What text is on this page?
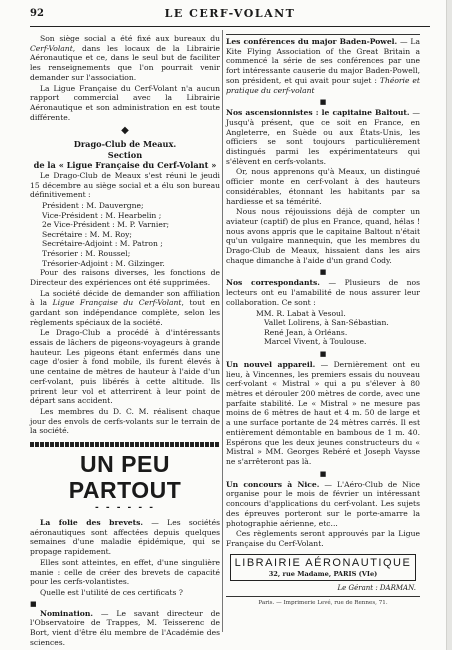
92	LE CERF-VOLANT

Son siège social a été fixé aux bureaux du Cerf-Volant, dans les locaux de la Librairie Aéronautique et ce, dans le seul but de faciliter les renseignements que l'on pourrait venir demander sur l'association.

La Ligue Française du Cerf-Volant n'a aucun rapport commercial avec la Librairie Aéronautique et son administration en est toute différente.

◆
Drago-Club de Meaux.
Section
de la « Ligue Française du Cerf-Volant »

Le Drago-Club de Meaux s'est réuni le jeudi 15 décembre au siège social et a élu son bureau définitivement :

Président : M. Dauvergne;
Vice-Président : M. Hearbelin ;
2e Vice-Président : M. P. Varnier;
Secrétaire : M. M. Roy;
Secrétaire-Adjoint : M. Patron ;
Trésorier : M. Roussel;
Trésorier-Adjoint : M. Gilzinger.

Pour des raisons diverses, les fonctions de Directeur des expériences ont été supprimées.

La société décide de demander son affiliation à la Ligue Française du Cerf-Volant, tout en gardant son indépendance complète, selon les règlements spéciaux de la société.

Le Drago-Club a procédé à d'intéressants essais de lâchers de pigeons-voyageurs à grande hauteur. Les pigeons étant enfermés dans une cage d'osier à fond mobile, ils furent élevés à une centaine de mètres de hauteur à l'aide d'un cerf-volant, puis libérés à cette altitude. Ils prirent leur vol et atterrirent à leur point de départ sans accident.

Les membres du D. C. M. réalisent chaque jour des envols de cerfs-volants sur le terrain de la société.

UN PEU PARTOUT
- - - - - -

La folie des brevets. — Les sociétés aéronautiques sont affectées depuis quelques semaines d'une maladie épidémique, qui se propage rapidement.

Elles sont atteintes, en effet, d'une singulière manie : celle de créer des brevets de capacité pour les cerfs-volantistes.

Quelle est l'utilité de ces certificats ?

■

Nomination. — Le savant directeur de l'Observatoire de Trappes, M. Teisserenc de Bort, vient d'être élu membre de l'Académie des sciences.

Les conférences du major Baden-Powel. — La Kite Flying Association of the Great Britain a commencé la série de ses conférences par une fort intéressante causerie du major Baden-Powell, son président, et qui avait pour sujet : Théorie et pratique du cerf-volant

■

Nos ascensionnistes : le capitaine Baltout. — Jusqu'à présent, que ce soit en France, en Angleterre, en Suède ou aux États-Unis, les officiers se sont toujours particulièrement distingués parmi les expérimentateurs qui s'élèvent en cerfs-volants.

Or, nous apprenons qu'à Meaux, un distingué officier monte en cerf-volant à des hauteurs considérables, étonnant les habitants par sa hardiesse et sa témérité.

Nous nous réjouissions déjà de compter un aviateur (captif) de plus en France, quand, hélas ! nous avons appris que le capitaine Baltout n'était qu'un vulgaire mannequin, que les membres du Drago-Club de Meaux, hissaient dans les airs chaque dimanche à l'aide d'un grand Cody.

■

Nos correspondants. — Plusieurs de nos lecteurs ont eu l'amabilité de nous assurer leur collaboration. Ce sont :

MM. R. Labat à Vesoul.
Vallet Lolirens, à San-Sébastian.
René Jean, à Orléans.
Marcel Vivent, à Toulouse.
■

Un nouvel appareil. — Dernièrement ont eu lieu, à Vincennes, les premiers essais du nouveau cerf-volant « Mistral » qui a pu s'élever à 80 mètres et dérouler 200 mètres de corde, avec une parfaite stabilité. Le « Mistral » ne mesure pas moins de 6 mètres de haut et 4 m. 50 de large et a une surface portante de 24 mètres carrés. Il est entièrement démontable en bambous de 1 m. 40. Espérons que les deux jeunes constructeurs du « Mistral » MM. Georges Rebéré et Joseph Vaysse ne s'arrêteront pas là.

■

Un concours à Nice. — L'Aéro-Club de Nice organise pour le mois de février un intéressant concours d'applications du cerf-volant. Les sujets des épreuves porteront sur le porte-amarre la photographie aérienne, etc...

Ces règlements seront approuvés par la Ligue Française du Cerf-Volant.

LIBRAIRIE AÉRONAUTIQUE
32, rue Madame, PARIS (VIe)
Le Gérant : DARMAN.
Paris. — Imprimerie Levé, rue de Rennes, 71.
